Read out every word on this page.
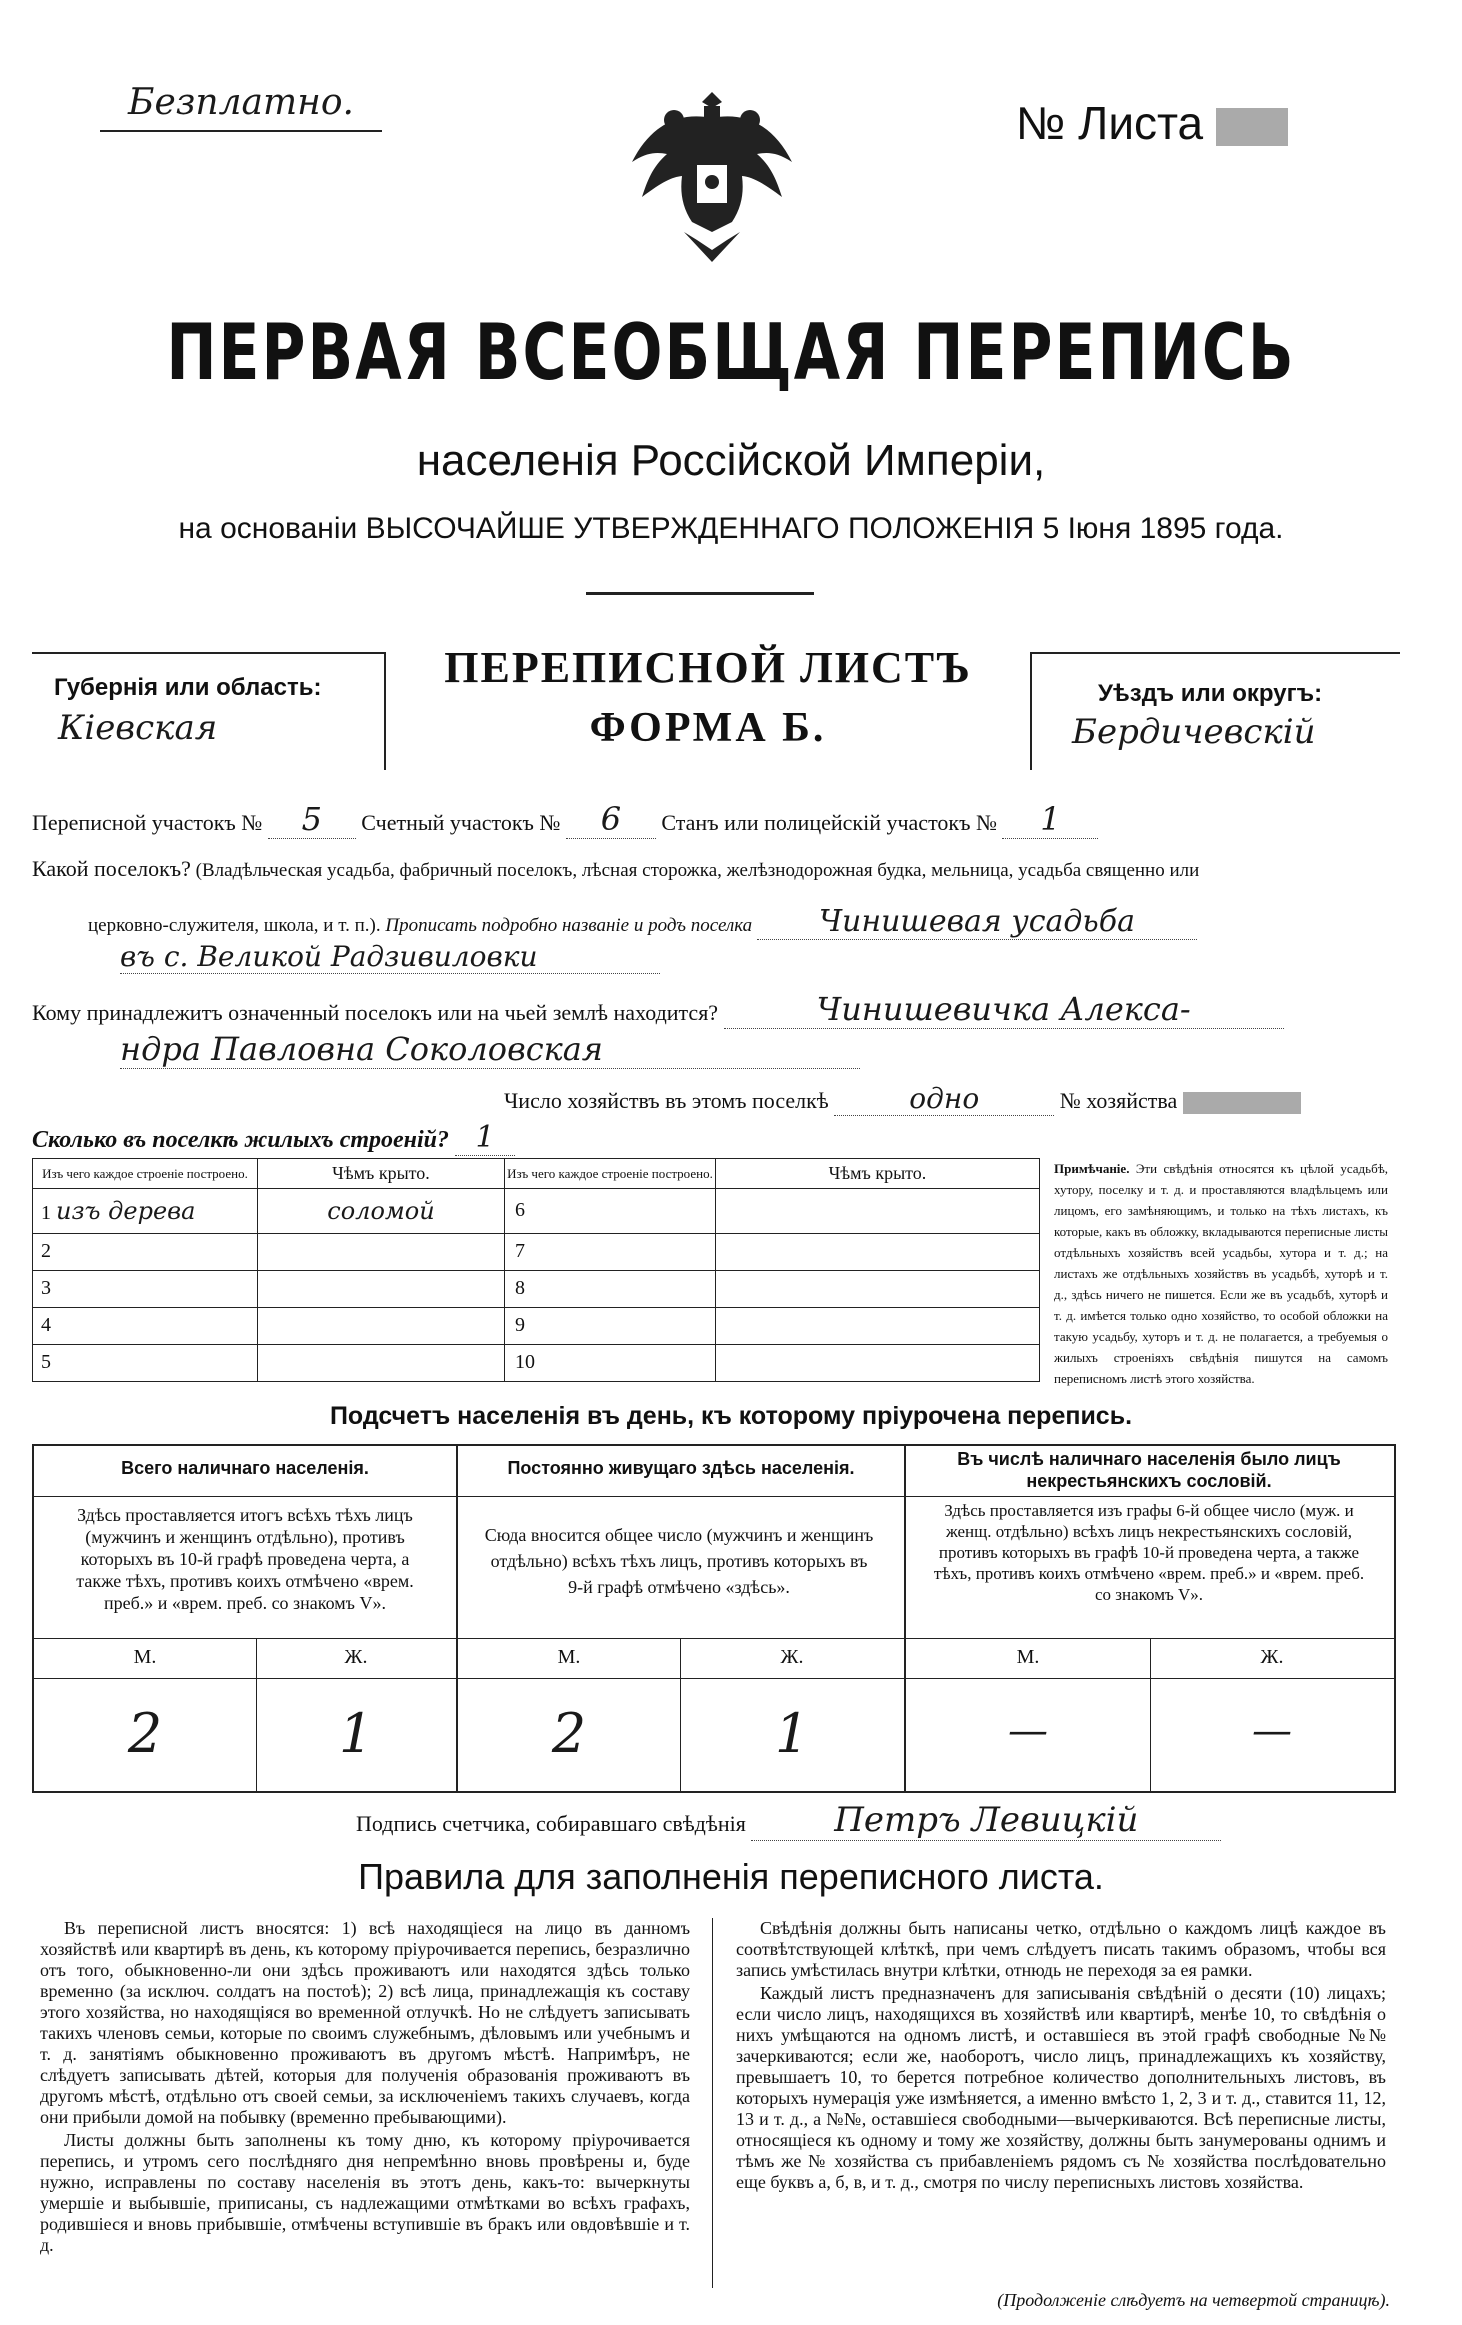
Безплатно.	№ Листа
ПЕРВАЯ ВСЕОБЩАЯ ПЕРЕПИСЬ
населенія Россійской Имперіи,
на основаніи ВЫСОЧАЙШЕ УТВЕРЖДЕННАГО ПОЛОЖЕНІЯ 5 Іюня 1895 года.
Губернія или область:
Кіевская
ПЕРЕПИСНОЙ ЛИСТЪ
ФОРМА Б.
Уѣздъ или округъ:
Бердичевскій
Переписной участокъ № 5 Счетный участокъ № 6 Станъ или полицейскій участокъ № 1
Какой поселокъ? (Владѣльческая усадьба, фабричный поселокъ, лѣсная сторожка, желѣзнодорожная будка, мельница, усадьба священно или
церковно-служителя, школа, и т. п.). Прописать подробно названіе и родъ поселка Чинишевая усадьба
въ с. Великой Радзивиловки
Кому принадлежитъ означенный поселокъ или на чьей землѣ находится?	Чинишевичка Алекса-
ндра Павловна Соколовская
Число хозяйствъ въ этомъ поселкѣ	одно	№ хозяйства
Сколько въ поселкѣ жилыхъ строеній? 1
Изъ чего каждое строеніе построено.	Чѣмъ крыто.	Изъ чего каждое строеніе построено.	Чѣмъ крыто.
1 изъ дерева	соломой	6	
2		7	
3		8	
4		9	
5		10	
Примѣчаніе. Эти свѣдѣнія относятся къ цѣлой усадьбѣ, хутору, поселку и т. д. и проставляются владѣльцемъ или лицомъ, его замѣняющимъ, и только на тѣхъ листахъ, къ которые, какъ въ обложку, вкладываются переписные листы отдѣльныхъ хозяйствъ всей усадьбы, хутора и т. д.; на листахъ же отдѣльныхъ хозяйствъ въ усадьбѣ, хуторѣ и т. д., здѣсь ничего не пишется. Если же въ усадьбѣ, хуторѣ и т. д. имѣется только одно хозяйство, то особой обложки на такую усадьбу, хуторъ и т. д. не полагается, а требуемыя о жилыхъ строеніяхъ свѣдѣнія пишутся на самомъ переписномъ листѣ этого хозяйства.
Подсчетъ населенія въ день, къ которому пріурочена перепись.
Всего наличнаго населенія.
Здѣсь проставляется итогъ всѣхъ тѣхъ лицъ (мужчинъ и женщинъ отдѣльно), противъ которыхъ въ 10-й графѣ проведена черта, а также тѣхъ, противъ коихъ отмѣчено «врем. преб.» и «врем. преб. со знакомъ V».
Постоянно живущаго здѣсь населенія.
Сюда вносится общее число (мужчинъ и женщинъ отдѣльно) всѣхъ тѣхъ лицъ, противъ которыхъ въ 9-й графѣ отмѣчено «здѣсь».
Въ числѣ наличнаго населенія было лицъ некрестьянскихъ сословій.
Здѣсь проставляется изъ графы 6-й общее число (муж. и женщ. отдѣльно) всѣхъ лицъ некрестьянскихъ сословій, противъ которыхъ въ графѣ 10-й проведена черта, а также тѣхъ, противъ коихъ отмѣчено «врем. преб.» и «врем. преб. со знакомъ V».
М.	Ж.	М.	Ж.	М.	Ж.
2	1	2	1	—	—
Подпись счетчика, собиравшаго свѣдѣнія	Петръ Левицкій
Правила для заполненія переписного листа.

Въ переписной листъ вносятся: 1) всѣ находящіеся на лицо въ данномъ хозяйствѣ или квартирѣ въ день, къ которому пріурочивается перепись, безразлично отъ того, обыкновенно-ли они здѣсь проживаютъ или находятся здѣсь только временно (за исключ. солдатъ на постоѣ); 2) всѣ лица, принадлежащія къ составу этого хозяйства, но находящіяся во временной отлучкѣ. Но не слѣдуетъ записывать такихъ членовъ семьи, которые по своимъ служебнымъ, дѣловымъ или учебнымъ и т. д. занятіямъ обыкновенно проживаютъ въ другомъ мѣстѣ. Напримѣръ, не слѣдуетъ записывать дѣтей, которыя для полученія образованія проживаютъ въ другомъ мѣстѣ, отдѣльно отъ своей семьи, за исключеніемъ такихъ случаевъ, когда они прибыли домой на побывку (временно пребывающими).

Листы должны быть заполнены къ тому дню, къ которому пріурочивается перепись, и утромъ сего послѣдняго дня непремѣнно вновь провѣрены и, буде нужно, исправлены по составу населенія въ этотъ день, какъ-то: вычеркнуты умершіе и выбывшіе, приписаны, съ надлежащими отмѣтками во всѣхъ графахъ, родившіеся и вновь прибывшіе, отмѣчены вступившіе въ бракъ или овдовѣвшіе и т. д.

Свѣдѣнія должны быть написаны четко, отдѣльно о каждомъ лицѣ каждое въ соотвѣтствующей клѣткѣ, при чемъ слѣдуетъ писать такимъ образомъ, чтобы вся запись умѣстилась внутри клѣтки, отнюдь не переходя за ея рамки.

Каждый листъ предназначенъ для записыванія свѣдѣній о десяти (10) лицахъ; если число лицъ, находящихся въ хозяйствѣ или квартирѣ, менѣе 10, то свѣдѣнія о нихъ умѣщаются на одномъ листѣ, и оставшіеся въ этой графѣ свободные №№ зачеркиваются; если же, наоборотъ, число лицъ, принадлежащихъ къ хозяйству, превышаетъ 10, то берется потребное количество дополнительныхъ листовъ, въ которыхъ нумерація уже измѣняется, а именно вмѣсто 1, 2, 3 и т. д., ставится 11, 12, 13 и т. д., а №№, оставшіеся свободными—вычеркиваются. Всѣ переписные листы, относящіеся къ одному и тому же хозяйству, должны быть занумерованы однимъ и тѣмъ же № хозяйства съ прибавленіемъ рядомъ съ № хозяйства послѣдовательно еще буквъ а, б, в, и т. д., смотря по числу переписныхъ листовъ хозяйства.

(Продолженіе слѣдуетъ на четвертой страницѣ).
